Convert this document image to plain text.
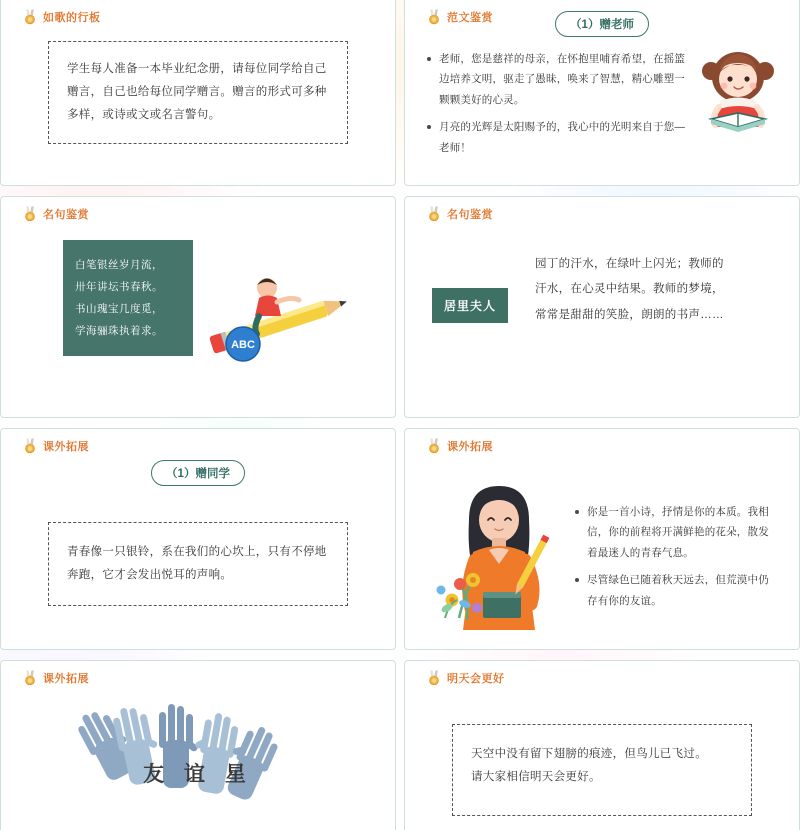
如歌的行板
学生每人准备一本毕业纪念册，请每位同学给自己赠言，自己也给每位同学赠言。赠言的形式可多种多样，或诗或文或名言警句。
范文鉴赏
（1）赠老师
老师，您是慈祥的母亲，在怀抱里哺育希望，在摇篮边培养文明，驱走了愚昧，唤来了智慧，精心雕塑一颗颗美好的心灵。
月亮的光辉是太阳赐予的，我心中的光明来自于您—老师！
名句鉴赏
白笔银丝岁月流，
卅年讲坛书春秋。
书山瑰宝几度觅，
学海骊珠执着求。
ABC
名句鉴赏
居里夫人
园丁的汗水，在绿叶上闪光；教师的汗水，在心灵中结果。教师的梦境，常常是甜甜的笑脸，朗朗的书声……
课外拓展
（1）赠同学
青春像一只银铃，系在我们的心坎上，只有不停地奔跑，它才会发出悦耳的声响。
课外拓展
你是一首小诗，抒情是你的本质。我相信，你的前程将开满鲜艳的花朵，散发着最迷人的青春气息。
尽管绿色已随着秋天远去，但荒漠中仍存有你的友谊。
课外拓展
友 谊 星
明天会更好
天空中没有留下翅膀的痕迹，但鸟儿已飞过。
请大家相信明天会更好。
